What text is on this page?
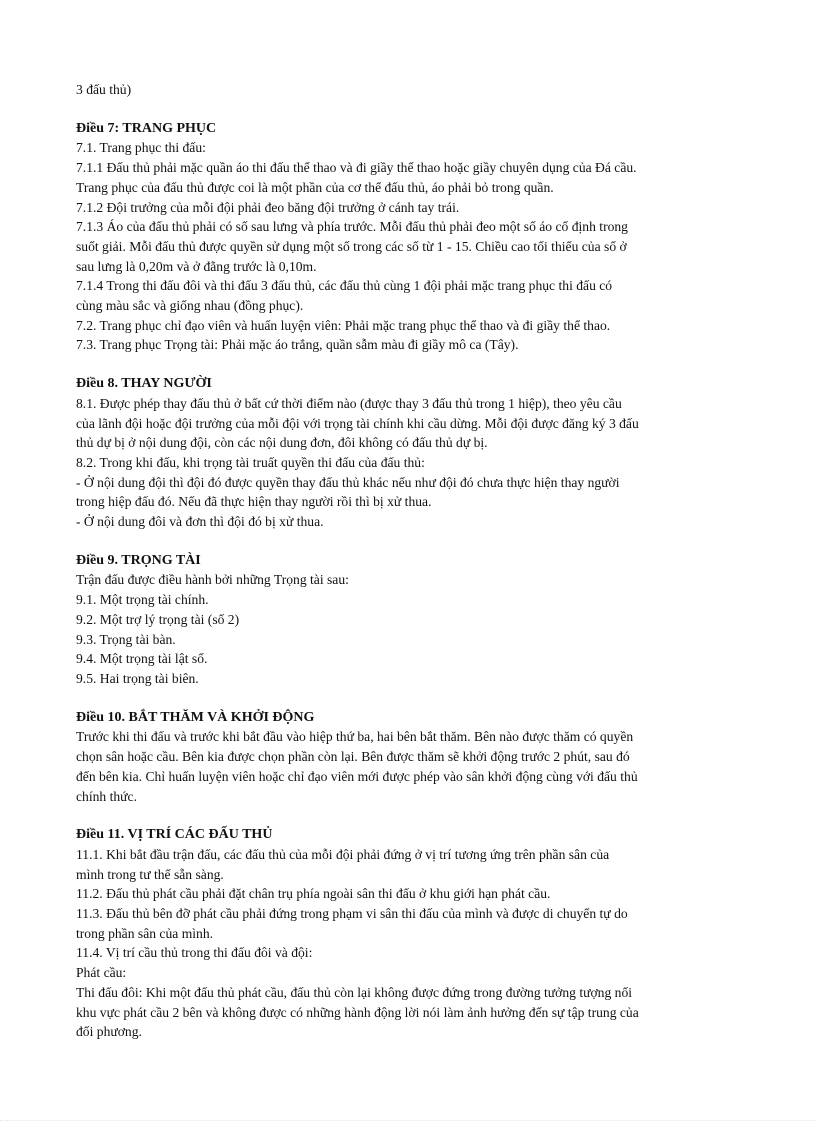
3 đấu thủ)
Điều 7: TRANG PHỤC
7.1. Trang phục thi đấu:
7.1.1 Đấu thủ phải mặc quần áo thi đấu thể thao và đi giầy thể thao hoặc giầy chuyên dụng của Đá cầu.
Trang phục của đấu thủ được coi là một phần của cơ thể đấu thủ, áo phải bỏ trong quần.
7.1.2 Đội trưởng của mỗi đội phải đeo băng đội trưởng ở cánh tay trái.
7.1.3 Áo của đấu thủ phải có số sau lưng và phía trước. Mỗi đấu thủ phải đeo một số áo cố định trong
suốt giải. Mỗi đấu thủ được quyền sử dụng một số trong các số từ 1 - 15. Chiều cao tối thiểu của số ở
sau lưng là 0,20m và ở đằng trước là 0,10m.
7.1.4 Trong thi đấu đôi và thi đấu 3 đấu thủ, các đấu thủ cùng 1 đội phải mặc trang phục thi đấu có
cùng màu sắc và giống nhau (đồng phục).
7.2. Trang phục chỉ đạo viên và huấn luyện viên: Phải mặc trang phục thể thao và đi giầy thể thao.
7.3. Trang phục Trọng tài: Phải mặc áo trắng, quần sẫm màu đi giầy mô ca (Tây).
Điều 8. THAY NGƯỜI
8.1. Được phép thay đấu thủ ở bất cứ thời điểm nào (được thay 3 đấu thủ trong 1 hiệp), theo yêu cầu
của lãnh đội hoặc đội trưởng của mỗi đội với trọng tài chính khi cầu dừng. Mỗi đội được đăng ký 3 đấu
thủ dự bị ở nội dung đội, còn các nội dung đơn, đôi không có đấu thủ dự bị.
8.2. Trong khi đấu, khi trọng tài truất quyền thi đấu của đấu thủ:
- Ở nội dung đội thì đội đó được quyền thay đấu thủ khác nếu như đội đó chưa thực hiện thay người
trong hiệp đấu đó. Nếu đã thực hiện thay người rồi thì bị xử thua.
- Ở nội dung đôi và đơn thì đội đó bị xử thua.
Điều 9. TRỌNG TÀI
Trận đấu được điều hành bởi những Trọng tài sau:
9.1. Một trọng tài chính.
9.2. Một trợ lý trọng tài (số 2)
9.3. Trọng tài bàn.
9.4. Một trọng tài lật số.
9.5. Hai trọng tài biên.
Điều 10. BẮT THĂM VÀ KHỞI ĐỘNG
Trước khi thi đấu và trước khi bắt đầu vào hiệp thứ ba, hai bên bắt thăm. Bên nào được thăm có quyền
chọn sân hoặc cầu. Bên kia được chọn phần còn lại. Bên được thăm sẽ khởi động trước 2 phút, sau đó
đến bên kia. Chỉ huấn luyện viên hoặc chỉ đạo viên mới được phép vào sân khởi động cùng với đấu thủ
chính thức.
Điều 11. VỊ TRÍ CÁC ĐẤU THỦ
11.1. Khi bắt đầu trận đấu, các đấu thủ của mỗi đội phải đứng ở vị trí tương ứng trên phần sân của
mình trong tư thế sẵn sàng.
11.2. Đấu thủ phát cầu phải đặt chân trụ phía ngoài sân thi đấu ở khu giới hạn phát cầu.
11.3. Đấu thủ bên đỡ phát cầu phải đứng trong phạm vi sân thi đấu của mình và được di chuyển tự do
trong phần sân của mình.
11.4. Vị trí cầu thủ trong thi đấu đôi và đội:
Phát cầu:
Thi đấu đôi: Khi một đấu thủ phát cầu, đấu thủ còn lại không được đứng trong đường tưởng tượng nối
khu vực phát cầu 2 bên và không được có những hành động lời nói làm ảnh hưởng đến sự tập trung của
đối phương.
